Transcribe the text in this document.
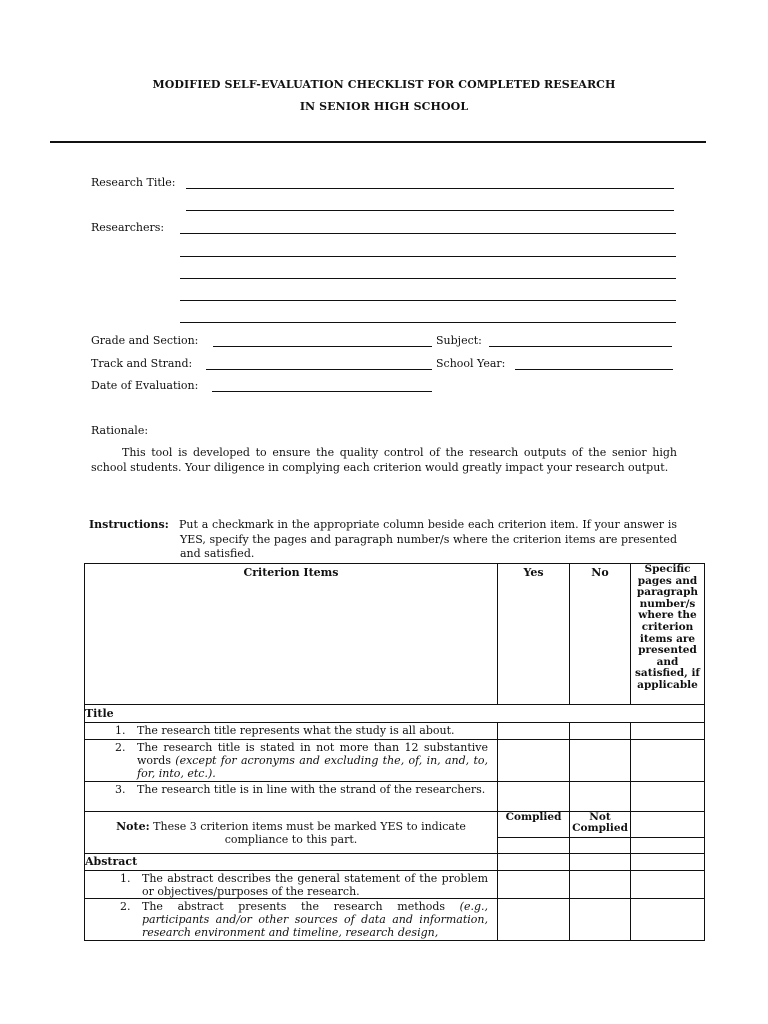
MODIFIED SELF-EVALUATION CHECKLIST FOR COMPLETED RESEARCH
IN SENIOR HIGH SCHOOL
Research Title:
Researchers:
Grade and Section:	Subject:
Track and Strand:	School Year:
Date of Evaluation:
Rationale:
This tool is developed to ensure the quality control of the research outputs of the senior high school students. Your diligence in complying each criterion would greatly impact your research output.
Instructions: Put a checkmark in the appropriate column beside each criterion item. If your answer is YES, specify the pages and paragraph number/s where the criterion items are presented and satisfied.
Criterion Items	Yes	No	Specific pages and paragraph number/s where the criterion items are presented and satisfied, if applicable
Title			

1. The research title represents what the study is all about.			

2. The research title is stated in not more than 12 substantive words (except for acronyms and excluding the, of, in, and, to, for, into, etc.).			

3. The research title is in line with the strand of the researchers.			

Note: These 3 criterion items must be marked YES to indicate compliance to this part.	Complied	Not Complied	

Abstract			

1. The abstract describes the general statement of the problem or objectives/purposes of the research.			

2. The abstract presents the research methods (e.g., participants and/or other sources of data and information, research environment and timeline, research design,			
